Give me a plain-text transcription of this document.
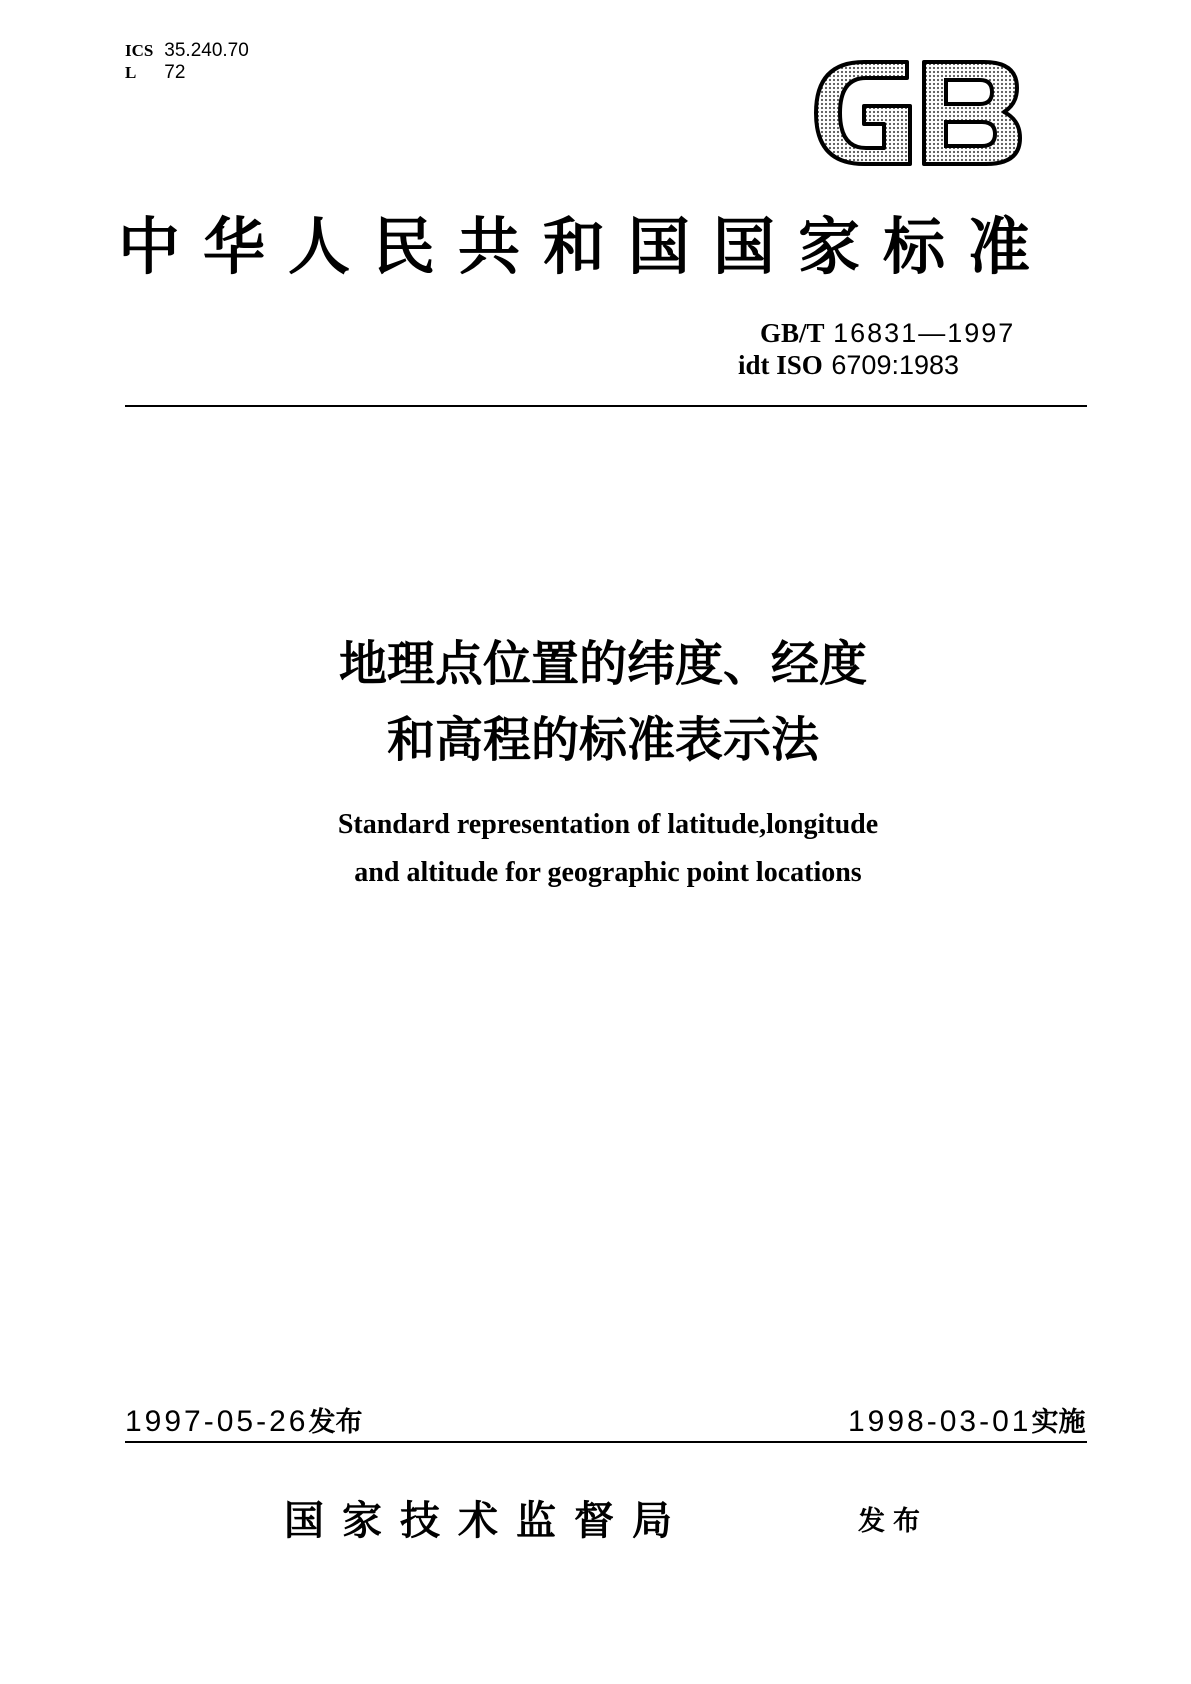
ICS 35.240.70
L 72
GB
中华人民共和国国家标准
GB/T 16831—1997
idt ISO 6709:1983
地理点位置的纬度、经度
和高程的标准表示法
Standard representation of latitude,longitude
and altitude for geographic point locations
1997-05-26发布	1998-03-01实施
国家技术监督局	发布
